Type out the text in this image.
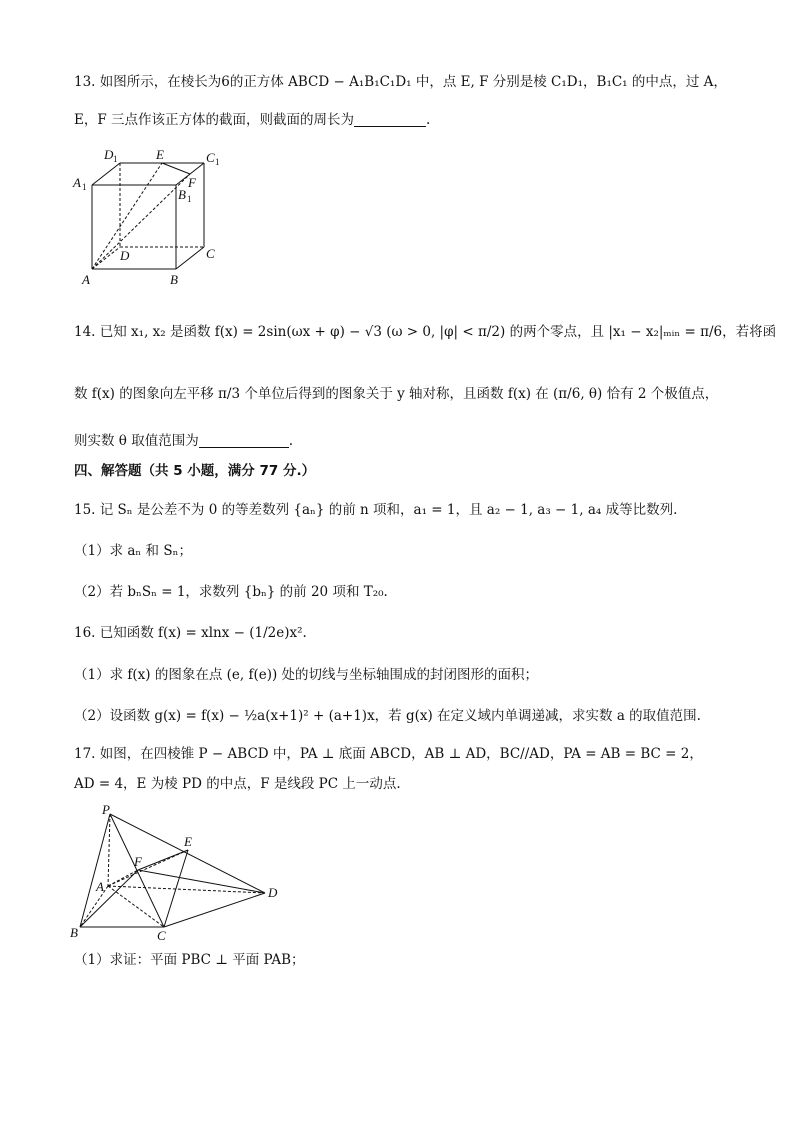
13. 如图所示，在棱长为6的正方体 ABCD − A₁B₁C₁D₁ 中，点 E, F 分别是棱 C₁D₁，B₁C₁ 的中点，过 A，
E，F 三点作该正方体的截面，则截面的周长为	.
D 1	E	C 1
A 1	F
B 1
D	C
A	B
14. 已知 x₁, x₂ 是函数 f(x) = 2sin(ωx + φ) − √3 (ω > 0, |φ| < π/2) 的两个零点，且 |x₁ − x₂|ₘᵢₙ = π/6，若将函
数 f(x) 的图象向左平移 π/3 个单位后得到的图象关于 y 轴对称，且函数 f(x) 在 (π/6, θ) 恰有 2 个极值点，
则实数 θ 取值范围为	.
四、解答题（共 5 小题，满分 77 分.）
15. 记 Sₙ 是公差不为 0 的等差数列 {aₙ} 的前 n 项和，a₁ = 1，且 a₂ − 1, a₃ − 1, a₄ 成等比数列.
（1）求 aₙ 和 Sₙ；
（2）若 bₙSₙ = 1，求数列 {bₙ} 的前 20 项和 T₂₀.
16. 已知函数 f(x) = xlnx − (1/2e)x².
（1）求 f(x) 的图象在点 (e, f(e)) 处的切线与坐标轴围成的封闭图形的面积；
（2）设函数 g(x) = f(x) − ½a(x+1)² + (a+1)x，若 g(x) 在定义域内单调递减，求实数 a 的取值范围.
17. 如图，在四棱锥 P − ABCD 中，PA ⊥ 底面 ABCD，AB ⊥ AD，BC//AD，PA = AB = BC = 2，
AD = 4，E 为棱 PD 的中点，F 是线段 PC 上一动点.
P
E
F
A	D
B	C
（1）求证：平面 PBC ⊥ 平面 PAB；
